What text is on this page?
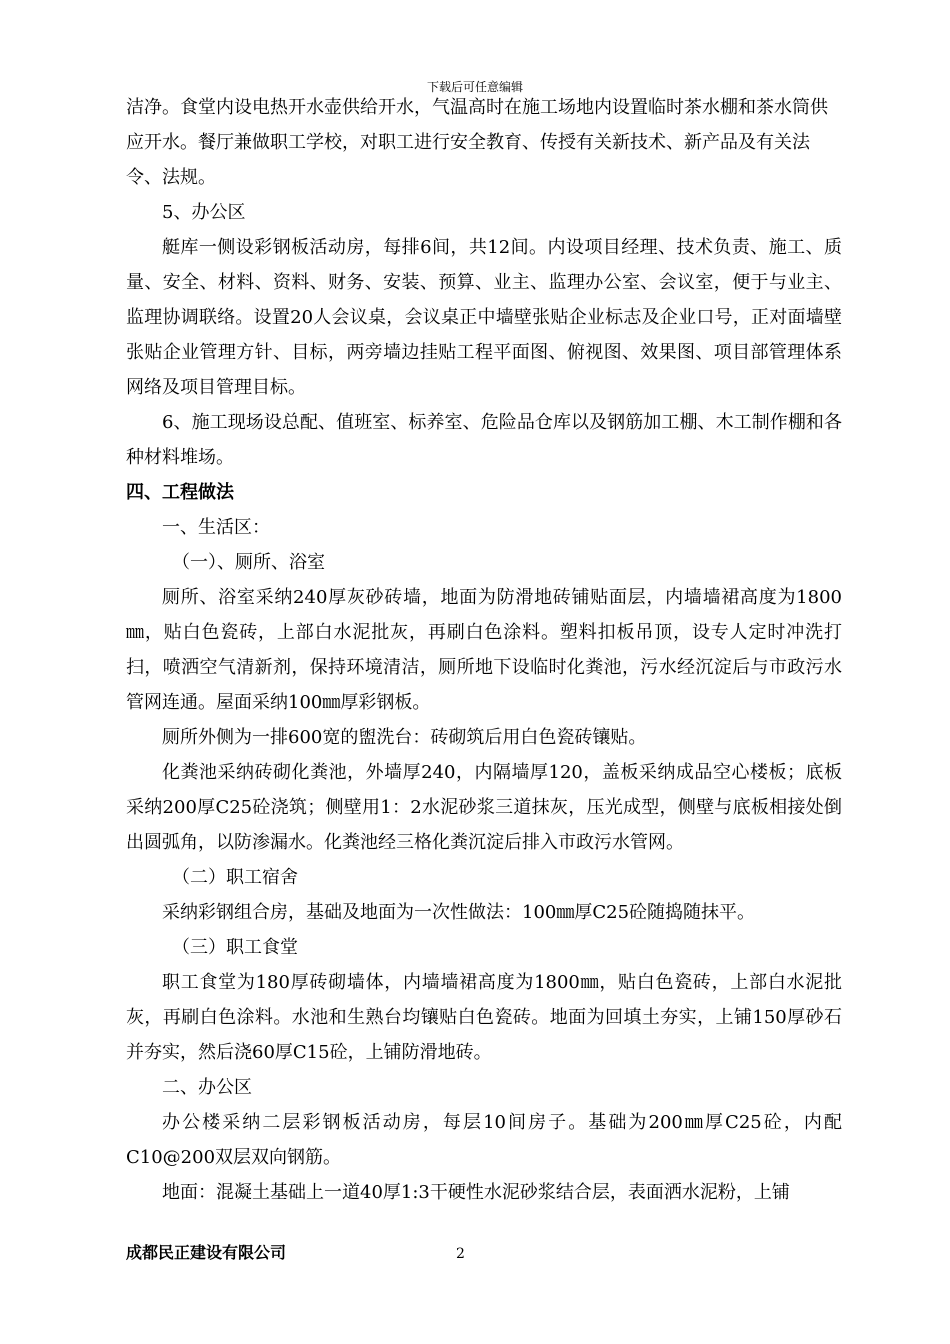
下载后可任意编辑

洁净。食堂内设电热开水壶供给开水，气温高时在施工场地内设置临时茶水棚和茶水筒供应开水。餐厅兼做职工学校，对职工进行安全教育、传授有关新技术、新产品及有关法令、法规。

5、办公区

艇库一侧设彩钢板活动房，每排6间，共12间。内设项目经理、技术负责、施工、质量、安全、材料、资料、财务、安装、预算、业主、监理办公室、会议室，便于与业主、监理协调联络。设置20人会议桌，会议桌正中墙壁张贴企业标志及企业口号，正对面墙壁张贴企业管理方针、目标，两旁墙边挂贴工程平面图、俯视图、效果图、项目部管理体系网络及项目管理目标。

6、施工现场设总配、值班室、标养室、危险品仓库以及钢筋加工棚、木工制作棚和各种材料堆场。

四、工程做法

一、生活区：

（一）、厕所、浴室

厕所、浴室采纳240厚灰砂砖墙，地面为防滑地砖铺贴面层，内墙墙裙高度为1800㎜，贴白色瓷砖，上部白水泥批灰，再刷白色涂料。塑料扣板吊顶，设专人定时冲洗打扫，喷洒空气清新剂，保持环境清洁，厕所地下设临时化粪池，污水经沉淀后与市政污水管网连通。屋面采纳100㎜厚彩钢板。

厕所外侧为一排600宽的盥洗台：砖砌筑后用白色瓷砖镶贴。

化粪池采纳砖砌化粪池，外墙厚240，内隔墙厚120，盖板采纳成品空心楼板；底板采纳200厚C25砼浇筑；侧壁用1：2水泥砂浆三道抹灰，压光成型，侧壁与底板相接处倒出圆弧角，以防渗漏水。化粪池经三格化粪沉淀后排入市政污水管网。

（二）职工宿舍

采纳彩钢组合房，基础及地面为一次性做法：100㎜厚C25砼随捣随抹平。

（三）职工食堂

职工食堂为180厚砖砌墙体，内墙墙裙高度为1800㎜，贴白色瓷砖，上部白水泥批灰，再刷白色涂料。水池和生熟台均镶贴白色瓷砖。地面为回填土夯实，上铺150厚砂石并夯实，然后浇60厚C15砼，上铺防滑地砖。

二、办公区

办公楼采纳二层彩钢板活动房，每层10间房子。基础为200㎜厚C25砼，内配C10@200双层双向钢筋。

地面：混凝土基础上一道40厚1:3干硬性水泥砂浆结合层，表面洒水泥粉，上铺

成都民正建设有限公司	2
